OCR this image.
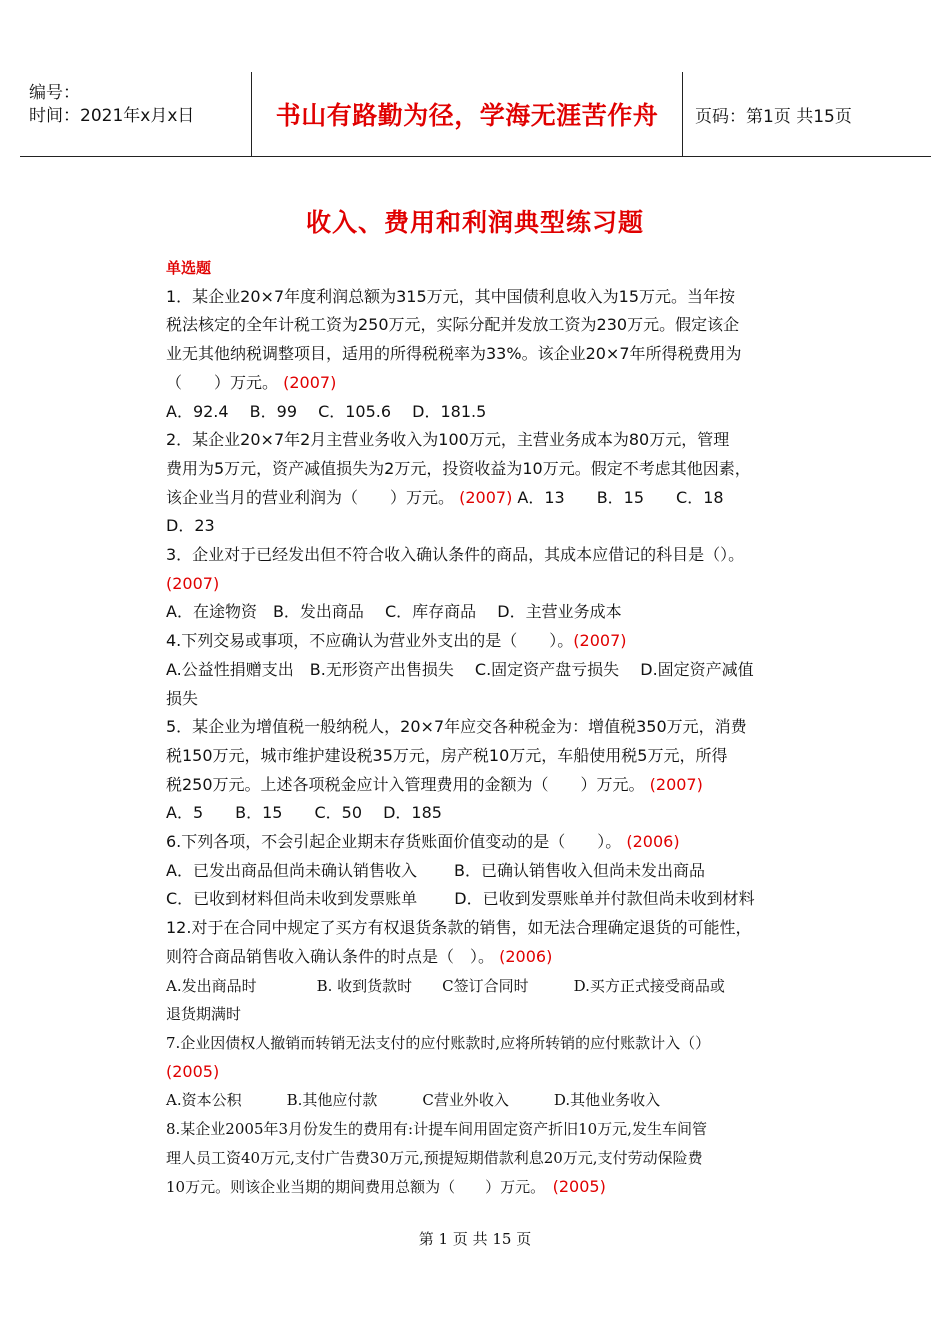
编号：
时间：2021年x月x日	书山有路勤为径，学海无涯苦作舟	页码：第1页 共15页
收入、费用和利润典型练习题
单选题
1．某企业20×7年度利润总额为315万元，其中国债利息收入为15万元。当年按
税法核定的全年计税工资为250万元，实际分配并发放工资为230万元。假定该企
业无其他纳税调整项目，适用的所得税税率为33%。该企业20×7年所得税费用为
（　　）万元。 (2007)
A．92.4　 B．99　 C．105.6　 D．181.5
2．某企业20×7年2月主营业务收入为100万元，主营业务成本为80万元，管理
费用为5万元，资产减值损失为2万元，投资收益为10万元。假定不考虑其他因素，
该企业当月的营业利润为（　　）万元。 (2007) A．13　　B．15　　C．18
D．23
3．企业对于已经发出但不符合收入确认条件的商品，其成本应借记的科目是（）。
(2007)
A．在途物资　B．发出商品　 C．库存商品　 D．主营业务成本
4.下列交易或事项，不应确认为营业外支出的是（　　）。(2007)
A.公益性捐赠支出　B.无形资产出售损失　 C.固定资产盘亏损失　 D.固定资产减值
损失
5．某企业为增值税一般纳税人，20×7年应交各种税金为：增值税350万元，消费
税150万元，城市维护建设税35万元，房产税10万元，车船使用税5万元，所得
税250万元。上述各项税金应计入管理费用的金额为（　　）万元。 (2007)
A．5　　B．15　　C．50　 D．185
6.下列各项，不会引起企业期末存货账面价值变动的是（　　）。 (2006)
A．已发出商品但尚未确认销售收入　　 B．已确认销售收入但尚未发出商品
C．已收到材料但尚未收到发票账单　　 D．已收到发票账单并付款但尚未收到材料
12.对于在合同中规定了买方有权退货条款的销售，如无法合理确定退货的可能性，
则符合商品销售收入确认条件的时点是（　）。 (2006)
A.发出商品时　　　　B. 收到货款时　　C签订合同时　　　D.买方正式接受商品或
退货期满时
7.企业因债权人撤销而转销无法支付的应付账款时,应将所转销的应付账款计入（）
(2005)
A.资本公积　　　B.其他应付款　　　C营业外收入　　　D.其他业务收入
8.某企业2005年3月份发生的费用有:计提车间用固定资产折旧10万元,发生车间管
理人员工资40万元,支付广告费30万元,预提短期借款利息20万元,支付劳动保险费
10万元。则该企业当期的期间费用总额为（　　）万元。　 (2005)
第 1 页 共 15 页
